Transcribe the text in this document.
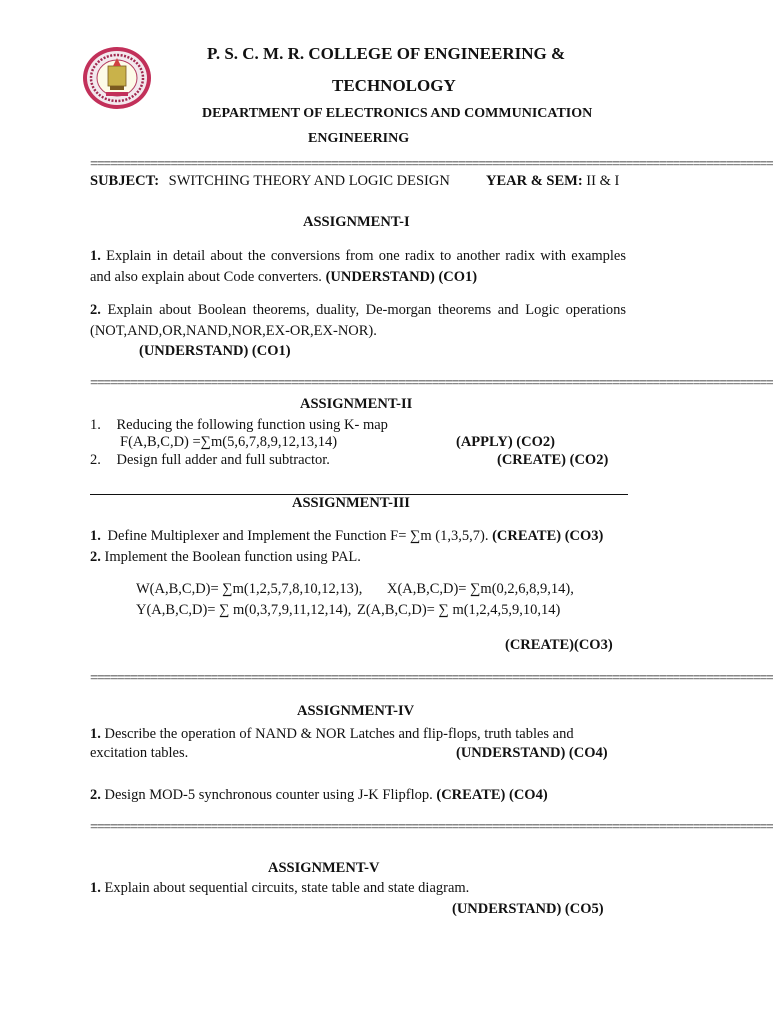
P. S. C. M. R. COLLEGE OF ENGINEERING &
TECHNOLOGY
DEPARTMENT OF ELECTRONICS AND COMMUNICATION
ENGINEERING
======================================================================================================
SUBJECT: SWITCHING THEORY AND LOGIC DESIGN YEAR & SEM: II & I
ASSIGNMENT-I
1. Explain in detail about the conversions from one radix to another radix with examples and also explain about Code converters. (UNDERSTAND) (CO1)
2. Explain about Boolean theorems, duality, De-morgan theorems and Logic operations (NOT,AND,OR,NAND,NOR,EX-OR,EX-NOR).
(UNDERSTAND) (CO1)
======================================================================================================
ASSIGNMENT-II
1. Reducing the following function using K- map
F(A,B,C,D) =∑m(5,6,7,8,9,12,13,14)	(APPLY) (CO2)
2. Design full adder and full subtractor.	(CREATE) (CO2)
ASSIGNMENT-III
1. Define Multiplexer and Implement the Function F= ∑m (1,3,5,7). (CREATE) (CO3)
2. Implement the Boolean function using PAL.
W(A,B,C,D)= ∑m(1,2,5,7,8,10,12,13), X(A,B,C,D)= ∑m(0,2,6,8,9,14),
Y(A,B,C,D)= ∑ m(0,3,7,9,11,12,14), Z(A,B,C,D)= ∑ m(1,2,4,5,9,10,14)
(CREATE)(CO3)
======================================================================================================
ASSIGNMENT-IV
1. Describe the operation of NAND & NOR Latches and flip-flops, truth tables and
excitation tables.	(UNDERSTAND) (CO4)
2. Design MOD-5 synchronous counter using J-K Flipflop. (CREATE) (CO4)
======================================================================================================
ASSIGNMENT-V
1. Explain about sequential circuits, state table and state diagram.
(UNDERSTAND) (CO5)
